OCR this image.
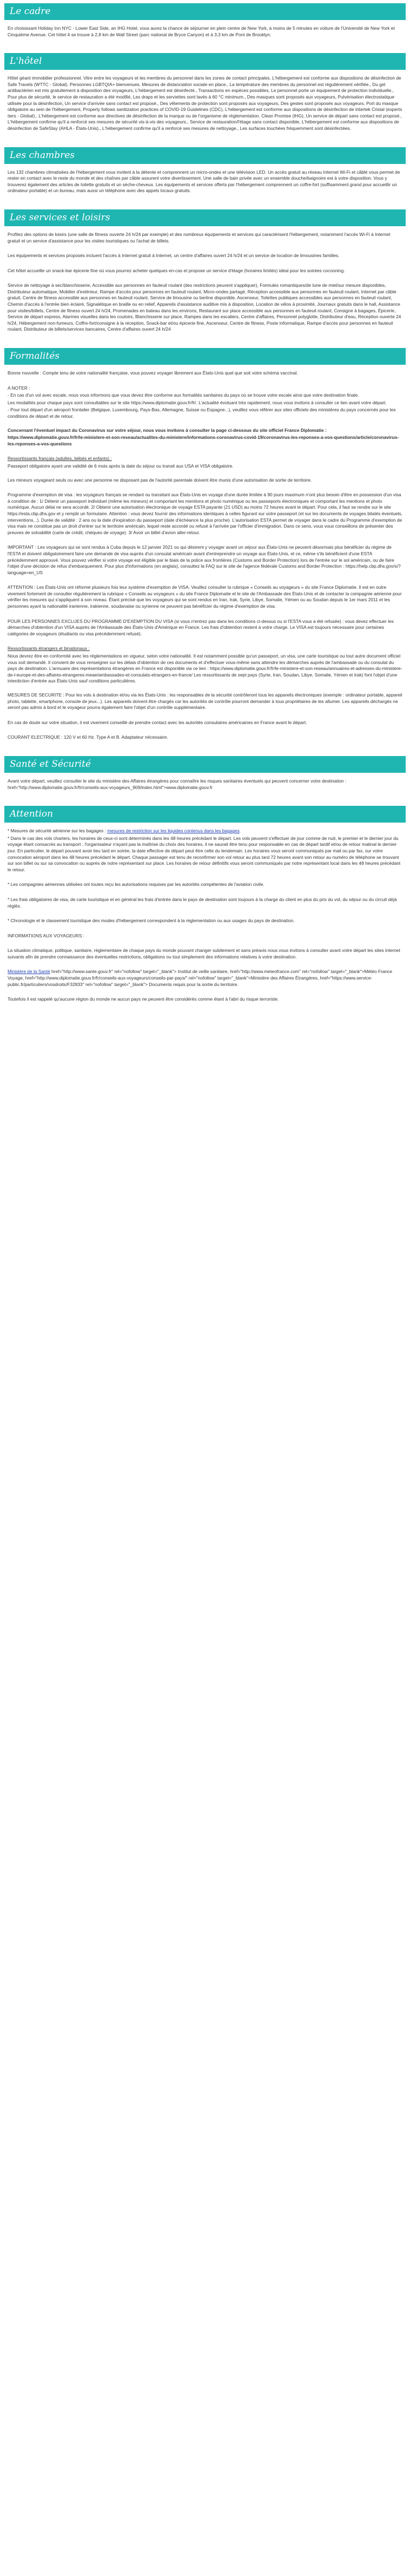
Le cadre

En choisissant Holiday Inn NYC - Lower East Side, an IHG Hotel, vous aurez la chance de séjourner en plein centre de New York, à moins de 5 minutes en voiture de l'Université de New York et Cinquième Avenue. Cet hôtel 4 se trouve à 2,8 km de Wall Street (parc national de Bryce Canyon) et à 3,3 km de Pont de Brooklyn.

L'hôtel

Hôtel géant immobilier professionnel. Vitre entre les voyageurs et les membres du personnel dans les zones de contact principales. L'hébergement est conforme aux dispositions de désinfection de Safe Travels (WTTC - Global). Personnes LGBTQIA+ bienvenues. Mesures de distanciation sociale en place., La température des membres du personnel est régulièrement vérifiée., Du gel antibactérien est mis gratuitement à disposition des voyageurs, L'hébergement est désinfecté., Transactions en espèces possibles, Le personnel porte un équipement de protection individuelle., Pour plus de sécurité, le service de restauration a été modifié, Les draps et les serviettes sont lavés à 60 °C minimum., Des masques sont proposés aux voyageurs, Pulvérisation électrostatique utilisée pour la désinfection, Un service d'arrivée sans contact est proposé., Des vêtements de protection sont proposés aux voyageurs, Des gestes sont proposés aux voyageurs, Port du masque obligatoire au sein de l'hébergement, Property follows sanitization practices of COVID-19 Guidelines (CDC), L'hébergement est conforme aux dispositions de désinfection de Intertek Cristal (experts tiers - Global)., L'hébergement est conforme aux directives de désinfection de la marque ou de l'organisme de réglementation. Clean Promise (IHG), Un service de départ sans contact est proposé., L'hébergement confirme qu'il a renforcé ses mesures de sécurité vis-à-vis des voyageurs., Service de restauration/l'étage sans contact disponible, L'hébergement est conforme aux dispositions de désinfection de SafeStay (AHLA - États-Unis)., L'hébergement confirme qu'il a renforcé ses mesures de nettoyage., Les surfaces touchées fréquemment sont désinfectées.

Les chambres

Les 132 chambres climatisées de l'hébergement vous invitent à la détente et comprennent un micro-ondes et une télévision LED. Un accès gratuit au réseau Internet Wi-Fi et câblé vous permet de rester en contact avec le reste du monde et des chaînes par câble assurent votre divertissement. Une salle de bain privée avec un ensemble douche/baignoire est à votre disposition. Vous y trouverez également des articles de toilette gratuits et un sèche-cheveux. Les équipements et services offerts par l'hébergement comprennent un coffre-fort (suffisamment grand pour accueillir un ordinateur portable) et un bureau, mais aussi un téléphone avec des appels locaux gratuits.

Les services et loisirs

Profitez des options de loisirs (une salle de fitness ouverte 24 h/24 par exemple) et des nombreux équipements et services qui caractérisent l'hébergement, notamment l'accès Wi-Fi à Internet gratuit et un service d'assistance pour les visites touristiques ou l'achat de billets.

Les équipements et services proposés incluent l'accès à Internet gratuit à Internet, un centre d'affaires ouvert 24 h/24 et un service de location de limousines familles.

Cet hôtel accueille un snack-bar épicerie fine où vous pourrez acheter quelques en-cas et propose un service d'étage (horaires limités) idéal pour les soirées cocooning.

Service de nettoyage à sec/blanchisserie, Accessible aux personnes en fauteuil roulant (des restrictions peuvent s'appliquer), Formules romantiques/de lune de miel/sur mesure disponibles, Distributeur automatique, Mobilier d'extérieur, Rampe d'accès pour personnes en fauteuil roulant, Micro-ondes partagé, Réception accessible aux personnes en fauteuil roulant, Internet par câble gratuit, Centre de fitness accessible aux personnes en fauteuil roulant, Service de limousine ou berline disponible, Ascenseur, Toilettes publiques accessibles aux personnes en fauteuil roulant, Chemin d'accès à l'entrée bien éclairé, Signalétique en braille ou en relief, Appareils d'assistance auditive mis à disposition, Location de vélos à proximité, Journaux gratuits dans le hall, Assistance pour visites/billets, Centre de fitness ouvert 24 h/24, Promenades en bateau dans les environs, Restaurant sur place accessible aux personnes en fauteuil roulant, Consigne à bagages, Épicerie, Service de départ express, Alarmes visuelles dans les couloirs, Blanchisserie sur place, Rampes dans les escaliers, Centre d'affaires, Personnel polyglotte, Distributeur d'eau, Réception ouverte 24 h/24, Hébergement non-fumeurs, Coffre-fort/consigne à la réception, Snack-bar et/ou épicerie fine, Ascenseur, Centre de fitness, Poste informatique, Rampe d'accès pour personnes en fauteuil roulant, Distributeur de billets/services bancaires, Centre d'affaires ouvert 24 h/24

Formalités

Bonne nouvelle : Compte tenu de votre nationalité française, vous pouvez voyager librement aux États-Unis quel que soit votre schéma vaccinal.

A NOTER :

- En cas d'un vol avec escale, nous vous informons que vous devez être conforme aux formalités sanitaires du pays où se trouve votre escale ainsi que votre destination finale.

Les modalités pour chaque pays sont consultables sur le site https://www.diplomatie.gouv.fr/fr/. L'actualité évoluant très rapidement, nous vous invitons à consulter ce lien avant votre départ.

- Pour tout départ d'un aéroport frontalier (Belgique, Luxembourg, Pays-Bas, Allemagne, Suisse ou Espagne...), veuillez vous référer aux sites officiels des ministères du pays concernés pour les conditions de départ et de retour.

Concernant l'éventuel impact du Coronavirus sur votre séjour, nous vous invitons à consulter la page ci-dessous du site officiel France Diplomatie :

https://www.diplomatie.gouv.fr/fr/le-ministere-et-son-reseau/actualites-du-ministere/informations-coronavirus-covid-19/coronavirus-les-reponses-a-vos-questions/article/coronavirus-les-reponses-a-vos-questions

Ressortissants français (adultes, bébés et enfants) :

Passeport obligatoire ayant une validité de 6 mois après la date du séjour ou transit aux USA et VISA obligatoire.

Les mineurs voyageant seuls ou avec une personne ne disposant pas de l'autorité parentale doivent être munis d'une autorisation de sortie de territoire.

Programme d'exemption de visa : les voyageurs français se rendant ou transitant aux États-Unis en voyage d'une durée limitée à 90 jours maximum n'ont plus besoin d'être en possession d'un visa à condition de : 1/ Détenir un passeport individuel (même les mineurs) et comportant les mentions et photo numérique ou les passeports électroniques et comportant les mentions et photo numérique. Aucun délai ne sera accordé. 2/ Obtenir une autorisation électronique de voyage ESTA payante (21 USD) au moins 72 heures avant le départ. Pour cela, il faut se rendre sur le site https://esta.cbp.dhs.gov et y remplir un formulaire. Attention : vous devez fournir des informations identiques à celles figurant sur votre passeport (et sur les documents de voyages bilatés éventuels, interventions...). Durée de validité : 2 ans ou la date d'expiration du passeport (date d'échéance la plus proche). L'autorisation ESTA permet de voyager dans le cadre du Programme d'exemption de visa mais ne constitue pas un droit d'entrer sur le territoire américain, lequel reste accordé ou refusé à l'arrivée par l'officier d'immigration. Dans ce sens, vous vous conseillons de présenter des preuves de solvabilité (carte de crédit, chèques de voyage). 3/ Avoir un billet d'avion aller-retour.

IMPORTANT : Les voyageurs qui se sont rendus à Cuba depuis le 12 janvier 2021 ou qui désirent y voyager avant un séjour aux États-Unis ne peuvent désormais plus bénéficier du régime de l'ESTA et doivent obligatoirement faire une demande de visa auprès d'un consulat américain avant d'entreprendre un voyage aux États-Unis, et ce, même s'ils bénéficient d'une ESTA précédemment approuvé. Vous pouvez vérifier si votre voyage est éligible par le biais de la police aux frontières (Customs and Border Protection) lors de l'entrée sur le sol américain, ou de faire l'objet d'une décision de refus d'embarquement. Pour plus d'informations (en anglais), consultez la FAQ sur le site de l'agence fédérale Customs and Border Protection : https://help.cbp.dhs.gov/s/?language=en_US

ATTENTION : Les États-Unis ont réformé plusieurs fois leur système d'exemption de VISA. Veuillez consulter la rubrique « Conseils au voyageurs » du site France Diplomatie. Il est en outre vivement fortement de consulter régulièrement la rubrique « Conseils au voyageurs » du site France Diplomatie et le site de l'Ambassade des États-Unis et de contacter la compagnie aérienne pour vérifier les mesures qui s'appliquent à son niveau. Étant précisé que les voyageurs qui se sont rendus en Iran, Irak, Syrie, Libye, Somalie, Yémen ou au Soudan depuis le 1er mars 2011 et les personnes ayant la nationalité iranienne, irakienne, soudanaise ou syrienne ne peuvent pas bénéficier du régime d'exemption de visa.

POUR LES PERSONNES EXCLUES DU PROGRAMME D'EXEMPTION DU VISA (si vous n'entrez pas dans les conditions ci-dessus ou si l'ESTA vous a été refusée) : vous devez effectuer les démarches d'obtention d'un VISA auprès de l'Ambassade des États-Unis d'Amérique en France. Les frais d'obtention restent à votre charge. Le VISA est toujours nécessaire pour certaines catégories de voyageurs (étudiants ou visa précédemment refusé).

Ressortissants étrangers et binationaux :

Nous devrez être en conformité avec les réglementations en vigueur, selon votre nationalité. Il est notamment possible qu'un passeport, un visa, une carte touristique ou tout autre document officiel vous soit demandé. Il convient de vous renseigner sur les délais d'obtention de ces documents et d'effectuer vous-même sans attendre les démarches auprès de l'ambassade ou du consulat du pays de destination. L'annuaire des représentations étrangères en France est disponible via ce lien : https://www.diplomatie.gouv.fr/fr/le-ministere-et-son-reseau/annuaires-et-adresses-du-ministere-de-l-europe-et-des-affaires-etrangeres-meae/ambassades-et-consulats-etrangers-en-france/ Les ressortissants de sept pays (Syrie, Iran, Soudan, Libye, Somalie, Yémen et Irak) font l'objet d'une interdiction d'entrée aux États-Unis sauf conditions particulières.

MESURES DE SECURITE : Pour les vols à destination et/ou via les États-Unis : les responsables de la sécurité contrôleront tous les appareils électroniques (exemple : ordinateur portable, appareil photo, tablette, smartphone, console de jeux...). Les appareils doivent être chargés car les autorités de contrôle pourront demander à tous propriétaires de les allumer. Les appareils déchargés ne seront pas admis à bord et le voyageur pourra également faire l'objet d'un contrôle supplémentaire.

En cas de doute sur votre situation, il est vivement conseillé de prendre contact avec les autorités consulaires américaines en France avant le départ.

COURANT ELECTRIQUE : 120 V et 60 Hz. Type A et B. Adaptateur nécessaire.

Santé et Sécurité

Avant votre départ, veuillez consulter le site du ministère des Affaires étrangères pour connaître les risques sanitaires éventuels qui peuvent concerner votre destination : href="http://www.diplomatie.gouv.fr/fr/conseils-aux-voyageurs_909/index.html">www.diplomatie.gouv.fr

Attention

* Mesures de sécurité aérienne sur les bagages : mesures de restriction sur les liquides contenus dans les bagages.

* Dans le cas des vols charters, les horaires de ceux-ci sont déterminés dans les 48 heures précédant le départ. Les vols peuvent s'effectuer de jour comme de nuit, le premier et le dernier jour du voyage étant consacrés au transport ; l'organisateur n'ayant pas la maîtrise du choix des horaires, il ne saurait être tenu pour responsable en cas de départ tardif et/ou de retour matinal le dernier jour. En particulier, le départ pouvant avoir lieu tard en soirée, la date effective de départ peut être celle du lendemain. Les horaires vous seront communiqués par mail ou par fax, sur votre convocation aéroport dans les 48 heures précédant le départ. Chaque passager est tenu de reconfirmer son vol retour au plus tard 72 heures avant son retour au numéro de téléphone se trouvant sur son billet ou sur sa convocation ou auprès de notre représentant sur place. Les horaires de retour définitifs vous seront communiqués par notre représentant local dans les 48 heures précédant le retour.

* Les compagnies aériennes utilisées ont toutes reçu les autorisations requises par les autorités compétentes de l'aviation civile.

* Les frais obligatoires de visa, de carte touristique et en général les frais d'entrée dans le pays de destination sont toujours à la charge du client en plus du prix du vol, du séjour ou du circuit déjà réglés.

* Chronologie et le classement touristique des modes d'hébergement correspondent à la réglementation ou aux usages du pays de destination.

INFORMATIONS AUX VOYAGEURS :

La situation climatique, politique, sanitaire, réglementaire de chaque pays du monde pouvant changer subitement et sans préavis nous vous invitons à consulter avant votre départ les sites internet suivants afin de prendre connaissance des éventuelles restrictions, obligations ou tout simplement des informations relatives à votre destination.

Ministère de la Santé href="http://www.sante.gouv.fr" rel="nofollow" target="_blank"> Institut de veille sanitaire, href="http://www.meteofrance.com" rel="nofollow" target="_blank">Météo France Voyage, href="http://www.diplomatie.gouv.fr/fr/conseils-aux-voyageurs/conseils-par-pays/" rel="nofollow" target="_blank">Ministère des Affaires Étrangères, href="https://www.service-public.fr/particuliers/vosdroits/F32833" rel="nofollow" target="_blank"> Documents requis pour la sortie du territoire.

Toutefois il est rappelé qu'aucune région du monde ne aucun pays ne peuvent être considérés comme étant à l'abri du risque terroriste.
